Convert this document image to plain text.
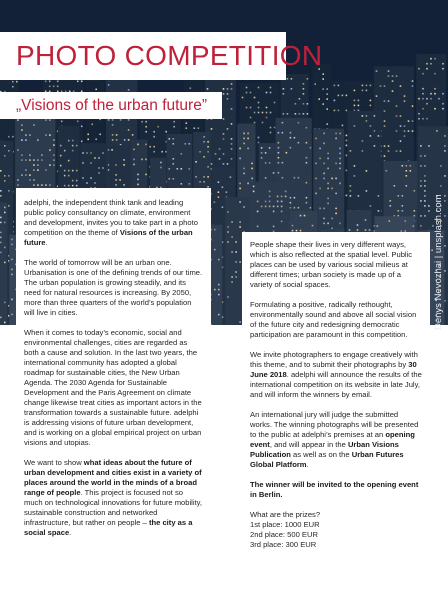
PHOTO COMPETITION
„Visions of the urban future”
Denys Nevozhai | unsplash.com

adelphi, the independent think tank and leading public policy consultancy on climate, environment and development, invites you to take part in a photo competition on the theme of Visions of the urban future.

The world of tomorrow will be an urban one. Urbanisation is one of the defining trends of our time. The urban population is growing steadily, and its need for natural resources is increasing. By 2050, more than three quarters of the world’s population will live in cities.

When it comes to today’s economic, social and environmental challenges, cities are regarded as both a cause and solution. In the last two years, the international community has adopted a global roadmap for sustainable cities, the New Urban Agenda. The 2030 Agenda for Sustainable Development and the Paris Agreement on climate change likewise treat cities as important actors in the transformation towards a sustainable future. adelphi is addressing visions of future urban development, and is working on a global empirical project on urban visions and utopias.

We want to show what ideas about the future of urban development and cities exist in a variety of places around the world in the minds of a broad range of people. This project is focused not so much on technological innovations for future mobility, sustainable construction and networked infrastructure, but rather on people – the city as a social space.

People shape their lives in very different ways, which is also reflected at the spatial level. Public places can be used by various social milieus at different times; urban society is made up of a variety of social spaces.

Formulating a positive, radically rethought, environmentally sound and above all social vision of the future city and redesigning democratic participation are paramount in this competition.

We invite photographers to engage creatively with this theme, and to submit their photographs by 30 June 2018. adelphi will announce the results of the international competition on its website in late July, and will inform the winners by email.

An international jury will judge the submitted works. The winning photographs will be presented to the public at adelphi’s premises at an opening event, and will appear in the Urban Visions Publication as well as on the Urban Futures Global Platform.

The winner will be invited to the opening event in Berlin.

What are the prizes?
1st place: 1000 EUR
2nd place: 500 EUR
3rd place: 300 EUR
